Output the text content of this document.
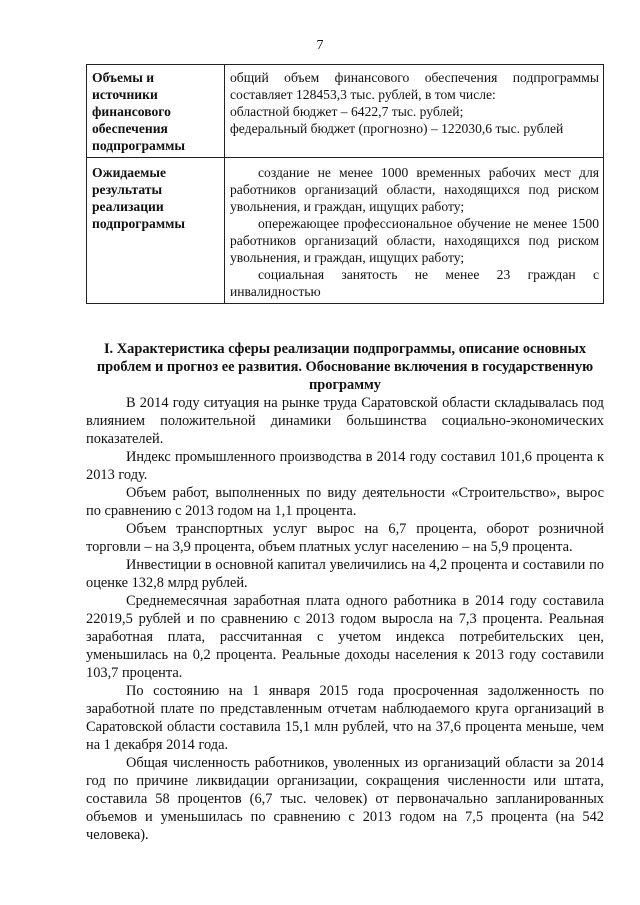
7
Объемы и источники финансового обеспечения подпрограммы	общий объем финансового обеспечения подпрограммы составляет 128453,3 тыс. рублей, в том числе:
областной бюджет – 6422,7 тыс. рублей;
федеральный бюджет (прогнозно) – 122030,6 тыс. рублей

Ожидаемые результаты реализации подпрограммы	создание не менее 1000 временных рабочих мест для работников организаций области, находящихся под риском увольнения, и граждан, ищущих работу;
опережающее профессиональное обучение не менее 1500 работников организаций области, находящихся под риском увольнения, и граждан, ищущих работу;
социальная занятость не менее 23 граждан с инвалидностью
I. Характеристика сферы реализации подпрограммы, описание основных проблем и прогноз ее развития. Обоснование включения в государственную программу

В 2014 году ситуация на рынке труда Саратовской области складывалась под влиянием положительной динамики большинства социально-экономических показателей.

Индекс промышленного производства в 2014 году составил 101,6 процента к 2013 году.

Объем работ, выполненных по виду деятельности «Строительство», вырос по сравнению с 2013 годом на 1,1 процента.

Объем транспортных услуг вырос на 6,7 процента, оборот розничной торговли – на 3,9 процента, объем платных услуг населению – на 5,9 процента.

Инвестиции в основной капитал увеличились на 4,2 процента и составили по оценке 132,8 млрд рублей.

Среднемесячная заработная плата одного работника в 2014 году составила 22019,5 рублей и по сравнению с 2013 годом выросла на 7,3 процента. Реальная заработная плата, рассчитанная с учетом индекса потребительских цен, уменьшилась на 0,2 процента. Реальные доходы населения к 2013 году составили 103,7 процента.

По состоянию на 1 января 2015 года просроченная задолженность по заработной плате по представленным отчетам наблюдаемого круга организаций в Саратовской области составила 15,1 млн рублей, что на 37,6 процента меньше, чем на 1 декабря 2014 года.

Общая численность работников, уволенных из организаций области за 2014 год по причине ликвидации организации, сокращения численности или штата, составила 58 процентов (6,7 тыс. человек) от первоначально запланированных объемов и уменьшилась по сравнению с 2013 годом на 7,5 процента (на 542 человека).
